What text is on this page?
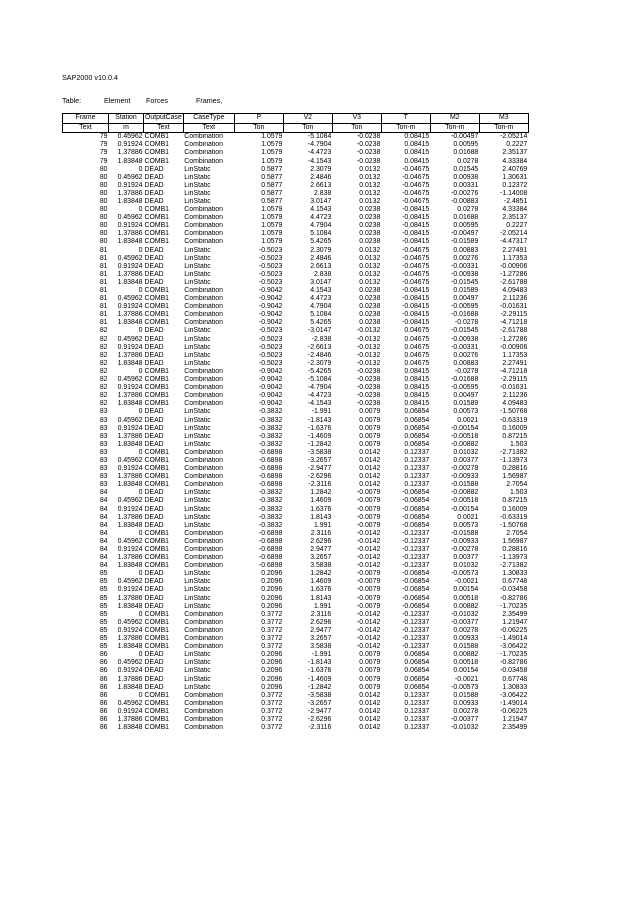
SAP2000 v10.0.4
Table:	Element Forces	Frames,
Frame	Station	OutputCase	CaseType	P	V2	V3	T	M2	M3
Text	m	Text	Text	Ton	Ton	Ton	Ton-m	Ton-m	Ton-m
79	0.45962	COMB1	Combination	1.0579	-5.1084	-0.0238	0.08415	-0.00497	-2.05214
79	0.91924	COMB1	Combination	1.0579	-4.7904	-0.0238	0.08415	0.00595	0.2227
79	1.37886	COMB1	Combination	1.0579	-4.4723	-0.0238	0.08415	0.01688	2.35137
79	1.83848	COMB1	Combination	1.0579	-4.1543	-0.0238	0.08415	0.0278	4.33384
80	0	DEAD	LinStatic	0.5877	2.3079	0.0132	-0.04675	0.01545	2.40769
80	0.45962	DEAD	LinStatic	0.5877	2.4846	0.0132	-0.04675	0.00938	1.30631
80	0.91924	DEAD	LinStatic	0.5877	2.6613	0.0132	-0.04675	0.00331	0.12372
80	1.37886	DEAD	LinStatic	0.5877	2.838	0.0132	-0.04675	-0.00276	-1.14008
80	1.83848	DEAD	LinStatic	0.5877	3.0147	0.0132	-0.04675	-0.00883	-2.4851
80	0	COMB1	Combination	1.0579	4.1543	0.0238	-0.08415	0.0278	4.33384
80	0.45962	COMB1	Combination	1.0579	4.4723	0.0238	-0.08415	0.01688	2.35137
80	0.91924	COMB1	Combination	1.0579	4.7904	0.0238	-0.08415	0.00595	0.2227
80	1.37886	COMB1	Combination	1.0579	5.1084	0.0238	-0.08415	-0.00497	-2.05214
80	1.83848	COMB1	Combination	1.0579	5.4265	0.0238	-0.08415	-0.01589	-4.47317
81	0	DEAD	LinStatic	-0.5023	2.3079	0.0132	-0.04675	0.00883	2.27491
81	0.45962	DEAD	LinStatic	-0.5023	2.4846	0.0132	-0.04675	0.00276	1.17353
81	0.91924	DEAD	LinStatic	-0.5023	2.6613	0.0132	-0.04675	-0.00331	-0.00906
81	1.37886	DEAD	LinStatic	-0.5023	2.838	0.0132	-0.04675	-0.00938	-1.27286
81	1.83848	DEAD	LinStatic	-0.5023	3.0147	0.0132	-0.04675	-0.01545	-2.61788
81	0	COMB1	Combination	-0.9042	4.1543	0.0238	-0.08415	0.01589	4.09483
81	0.45962	COMB1	Combination	-0.9042	4.4723	0.0238	-0.08415	0.00497	2.11236
81	0.91924	COMB1	Combination	-0.9042	4.7904	0.0238	-0.08415	-0.00595	-0.01631
81	1.37886	COMB1	Combination	-0.9042	5.1084	0.0238	-0.08415	-0.01688	-2.29115
81	1.83848	COMB1	Combination	-0.9042	5.4265	0.0238	-0.08415	-0.0278	-4.71218
82	0	DEAD	LinStatic	-0.5023	-3.0147	-0.0132	0.04675	-0.01545	-2.61788
82	0.45962	DEAD	LinStatic	-0.5023	-2.838	-0.0132	0.04675	-0.00938	-1.27286
82	0.91924	DEAD	LinStatic	-0.5023	-2.6613	-0.0132	0.04675	-0.00331	-0.00906
82	1.37886	DEAD	LinStatic	-0.5023	-2.4846	-0.0132	0.04675	0.00276	1.17353
82	1.83848	DEAD	LinStatic	-0.5023	-2.3079	-0.0132	0.04675	0.00883	2.27491
82	0	COMB1	Combination	-0.9042	-5.4265	-0.0238	0.08415	-0.0278	-4.71218
82	0.45962	COMB1	Combination	-0.9042	-5.1084	-0.0238	0.08415	-0.01688	-2.29115
82	0.91924	COMB1	Combination	-0.9042	-4.7904	-0.0238	0.08415	-0.00595	-0.01631
82	1.37886	COMB1	Combination	-0.9042	-4.4723	-0.0238	0.08415	0.00497	2.11236
82	1.83848	COMB1	Combination	-0.9042	-4.1543	-0.0238	0.08415	0.01589	4.09483
83	0	DEAD	LinStatic	-0.3832	-1.991	0.0079	0.06854	0.00573	-1.50768
83	0.45962	DEAD	LinStatic	-0.3832	-1.8143	0.0079	0.06854	0.0021	-0.63319
83	0.91924	DEAD	LinStatic	-0.3832	-1.6376	0.0079	0.06854	-0.00154	0.16009
83	1.37886	DEAD	LinStatic	-0.3832	-1.4609	0.0079	0.06854	-0.00518	0.87215
83	1.83848	DEAD	LinStatic	-0.3832	-1.2842	0.0079	0.06854	-0.00882	1.503
83	0	COMB1	Combination	-0.6898	-3.5838	0.0142	0.12337	0.01032	-2.71382
83	0.45962	COMB1	Combination	-0.6898	-3.2657	0.0142	0.12337	0.00377	-1.13973
83	0.91924	COMB1	Combination	-0.6898	-2.9477	0.0142	0.12337	-0.00278	0.28816
83	1.37886	COMB1	Combination	-0.6898	-2.6296	0.0142	0.12337	-0.00933	1.56987
83	1.83848	COMB1	Combination	-0.6898	-2.3116	0.0142	0.12337	-0.01588	2.7054
84	0	DEAD	LinStatic	-0.3832	1.2842	-0.0079	-0.06854	-0.00882	1.503
84	0.45962	DEAD	LinStatic	-0.3832	1.4609	-0.0079	-0.06854	-0.00518	0.87215
84	0.91924	DEAD	LinStatic	-0.3832	1.6376	-0.0079	-0.06854	-0.00154	0.16009
84	1.37886	DEAD	LinStatic	-0.3832	1.8143	-0.0079	-0.06854	0.0021	-0.63319
84	1.83848	DEAD	LinStatic	-0.3832	1.991	-0.0079	-0.06854	0.00573	-1.50768
84	0	COMB1	Combination	-0.6898	2.3116	-0.0142	-0.12337	-0.01588	2.7054
84	0.45962	COMB1	Combination	-0.6898	2.6296	-0.0142	-0.12337	-0.00933	1.56987
84	0.91924	COMB1	Combination	-0.6898	2.9477	-0.0142	-0.12337	-0.00278	0.28816
84	1.37886	COMB1	Combination	-0.6898	3.2657	-0.0142	-0.12337	0.00377	-1.13973
84	1.83848	COMB1	Combination	-0.6898	3.5838	-0.0142	-0.12337	0.01032	-2.71382
85	0	DEAD	LinStatic	0.2096	1.2842	-0.0079	-0.06854	-0.00573	1.30833
85	0.45962	DEAD	LinStatic	0.2096	1.4609	-0.0079	-0.06854	-0.0021	0.67748
85	0.91924	DEAD	LinStatic	0.2096	1.6376	-0.0079	-0.06854	0.00154	-0.03458
85	1.37886	DEAD	LinStatic	0.2096	1.8143	-0.0079	-0.06854	0.00518	-0.82786
85	1.83848	DEAD	LinStatic	0.2096	1.991	-0.0079	-0.06854	0.00882	-1.70235
85	0	COMB1	Combination	0.3772	2.3116	-0.0142	-0.12337	-0.01032	2.35499
85	0.45962	COMB1	Combination	0.3772	2.6296	-0.0142	-0.12337	-0.00377	1.21947
85	0.91924	COMB1	Combination	0.3772	2.9477	-0.0142	-0.12337	0.00278	-0.06225
85	1.37886	COMB1	Combination	0.3772	3.2657	-0.0142	-0.12337	0.00933	-1.49014
85	1.83848	COMB1	Combination	0.3772	3.5838	-0.0142	-0.12337	0.01588	-3.06422
86	0	DEAD	LinStatic	0.2096	-1.991	0.0079	0.06854	0.00882	-1.70235
86	0.45962	DEAD	LinStatic	0.2096	-1.8143	0.0079	0.06854	0.00518	-0.82786
86	0.91924	DEAD	LinStatic	0.2096	-1.6376	0.0079	0.06854	0.00154	-0.03458
86	1.37886	DEAD	LinStatic	0.2096	-1.4609	0.0079	0.06854	-0.0021	0.67748
86	1.83848	DEAD	LinStatic	0.2096	-1.2842	0.0079	0.06854	-0.00573	1.30833
86	0	COMB1	Combination	0.3772	-3.5838	0.0142	0.12337	0.01588	-3.06422
86	0.45962	COMB1	Combination	0.3772	-3.2657	0.0142	0.12337	0.00933	-1.49014
86	0.91924	COMB1	Combination	0.3772	-2.9477	0.0142	0.12337	0.00278	-0.06225
86	1.37886	COMB1	Combination	0.3772	-2.6296	0.0142	0.12337	-0.00377	1.21947
86	1.83848	COMB1	Combination	0.3772	-2.3116	0.0142	0.12337	-0.01032	2.35499
